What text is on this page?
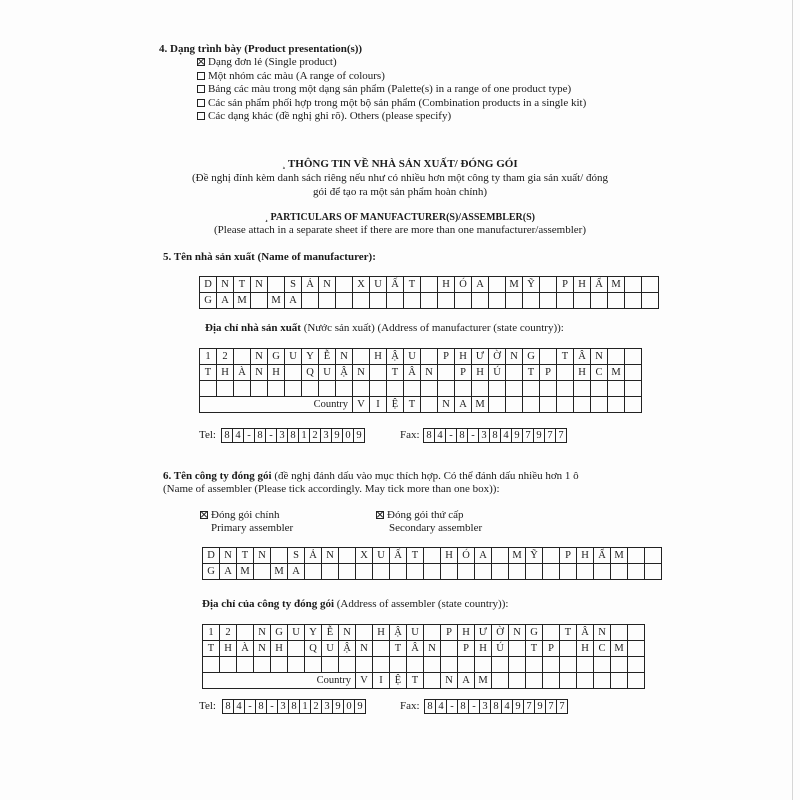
4. Dạng trình bày (Product presentation(s))
Dạng đơn lẻ (Single product)
Một nhóm các màu (A range of colours)
Bảng các màu trong một dạng sản phẩm (Palette(s) in a range of one product type)
Các sản phẩm phối hợp trong một bộ sản phẩm (Combination products in a single kit)
Các dạng khác (đề nghị ghi rõ). Others (please specify)
¸ THÔNG TIN VỀ NHÀ SẢN XUẤT/ ĐÓNG GÓI
(Đề nghị đính kèm danh sách riêng nếu như có nhiều hơn một công ty tham gia sản xuất/ đóng
gói để tạo ra một sản phẩm hoàn chỉnh)
¸ PARTICULARS OF MANUFACTURER(S)/ASSEMBLER(S)
(Please attach in a separate sheet if there are more than one manufacturer/assembler)
5. Tên nhà sản xuất (Name of manufacturer):
D	N	T	N		S	Ả	N		X	U	Ấ	T		H	Ó	A		M	Ỹ		P	H	Ẩ	M		
G	A	M		M	A																					
Địa chỉ nhà sản xuất (Nước sản xuất) (Address of manufacturer (state country)):
1	2		N	G	U	Y	Ễ	N		H	Ậ	U		P	H	Ư	Ờ	N	G		T	Â	N		
T	H	À	N	H		Q	U	Ậ	N		T	Â	N		P	H	Ú		T	P		H	C	M	

Country									V	I	Ệ	T		N	A	M									
Tel: 8	4	-	8	-	3	8	1	2	3	9	0	9	Fax: 8	4	-	8	-	3	8	4	9	7	9	7	7
6. Tên công ty đóng gói (đề nghị đánh dấu vào mục thích hợp. Có thể đánh dấu nhiều hơn 1 ô
(Name of assembler (Please tick accordingly. May tick more than one box)):
Đóng gói chính
Primary assembler
Đóng gói thứ cấp
Secondary assembler
D	N	T	N		S	Ả	N		X	U	Ấ	T		H	Ó	A		M	Ỹ		P	H	Ẩ	M		
G	A	M		M	A																					
Địa chỉ của công ty đóng gói (Address of assembler (state country)):
1	2		N	G	U	Y	Ễ	N		H	Ậ	U		P	H	Ư	Ờ	N	G		T	Â	N		
T	H	À	N	H		Q	U	Ậ	N		T	Â	N		P	H	Ú		T	P		H	C	M	

Country									V	I	Ệ	T		N	A	M									
Tel: 8	4	-	8	-	3	8	1	2	3	9	0	9	Fax: 8	4	-	8	-	3	8	4	9	7	9	7	7
